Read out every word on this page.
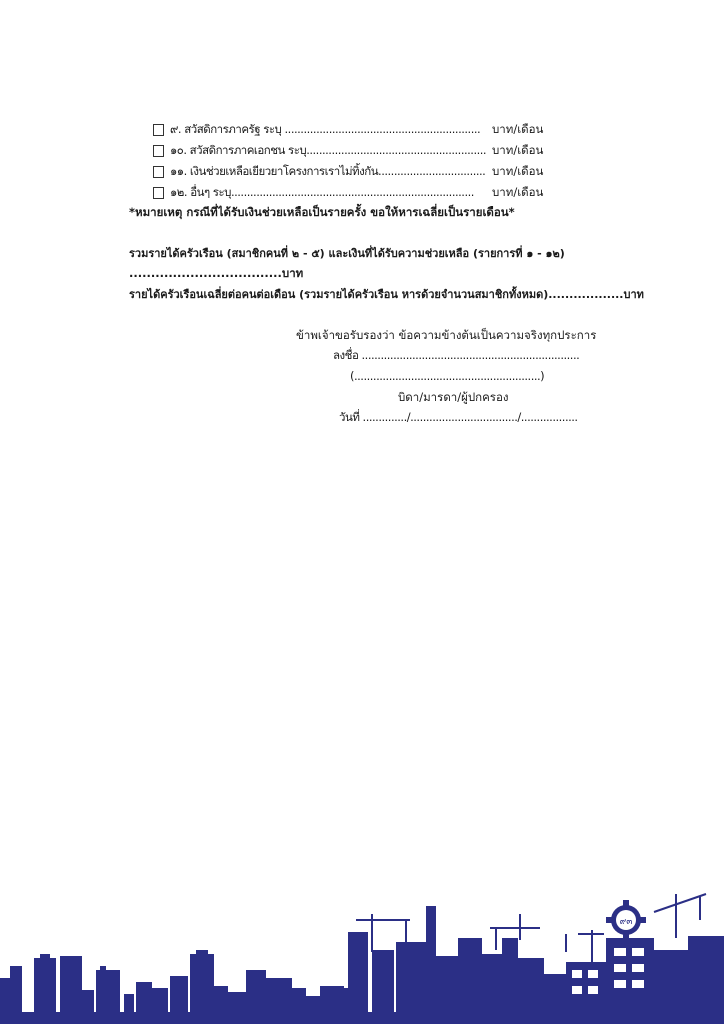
๙. สวัสดิการภาครัฐ ระบุ .............................................................. บาท/เดือน
๑๐. สวัสดิการภาคเอกชน ระบุ......................................................... บาท/เดือน
๑๑. เงินช่วยเหลือเยียวยาโครงการเราไม่ทิ้งกัน.................................. บาท/เดือน
๑๒. อื่นๆ ระบุ............................................................................. บาท/เดือน
*หมายเหตุ กรณีที่ได้รับเงินช่วยเหลือเป็นรายครั้ง ขอให้หารเฉลี่ยเป็นรายเดือน*
รวมรายได้ครัวเรือน (สมาชิกคนที่ ๒ - ๕) และเงินที่ได้รับความช่วยเหลือ (รายการที่ ๑ - ๑๒)
...................................บาท
รายได้ครัวเรือนเฉลี่ยต่อคนต่อเดือน (รวมรายได้ครัวเรือน หารด้วยจำนวนสมาชิกทั้งหมด)..................บาท
ข้าพเจ้าขอรับรองว่า ข้อความข้างต้นเป็นความจริงทุกประการ
ลงชื่อ .....................................................................
(...........................................................)
บิดา/มารดา/ผู้ปกครอง
วันที่ ............../................................../..................
๙๓
